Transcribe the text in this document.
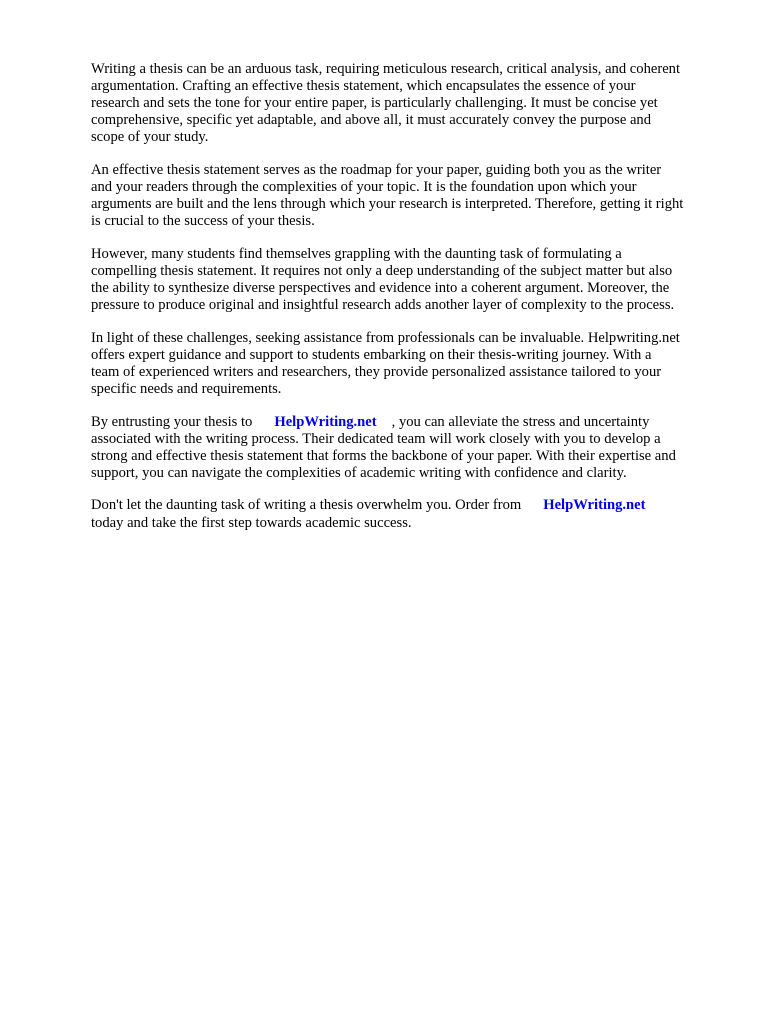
Writing a thesis can be an arduous task, requiring meticulous research, critical analysis, and coherent
argumentation. Crafting an effective thesis statement, which encapsulates the essence of your
research and sets the tone for your entire paper, is particularly challenging. It must be concise yet
comprehensive, specific yet adaptable, and above all, it must accurately convey the purpose and
scope of your study.

An effective thesis statement serves as the roadmap for your paper, guiding both you as the writer
and your readers through the complexities of your topic. It is the foundation upon which your
arguments are built and the lens through which your research is interpreted. Therefore, getting it right
is crucial to the success of your thesis.

However, many students find themselves grappling with the daunting task of formulating a
compelling thesis statement. It requires not only a deep understanding of the subject matter but also
the ability to synthesize diverse perspectives and evidence into a coherent argument. Moreover, the
pressure to produce original and insightful research adds another layer of complexity to the process.

In light of these challenges, seeking assistance from professionals can be invaluable. Helpwriting.net
offers expert guidance and support to students embarking on their thesis-writing journey. With a
team of experienced writers and researchers, they provide personalized assistance tailored to your
specific needs and requirements.

By entrusting your thesis to HelpWriting.net , you can alleviate the stress and uncertainty
associated with the writing process. Their dedicated team will work closely with you to develop a
strong and effective thesis statement that forms the backbone of your paper. With their expertise and
support, you can navigate the complexities of academic writing with confidence and clarity.

Don't let the daunting task of writing a thesis overwhelm you. Order from HelpWriting.net
today and take the first step towards academic success.
